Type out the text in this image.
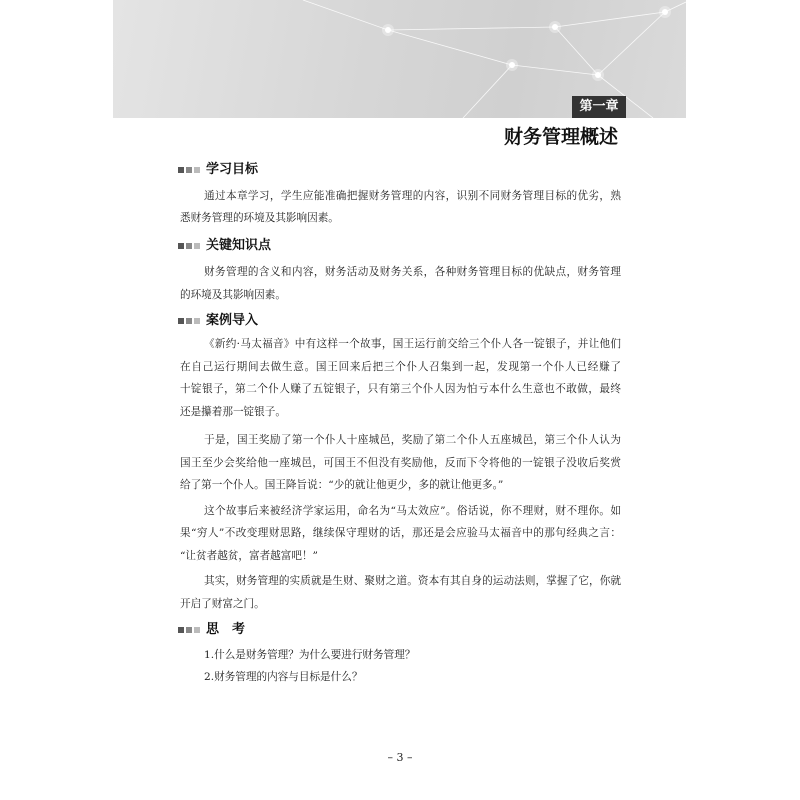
第一章
财务管理概述
学习目标
通过本章学习，学生应能准确把握财务管理的内容，识别不同财务管理目标的优劣，熟
悉财务管理的环境及其影响因素。
关键知识点
财务管理的含义和内容，财务活动及财务关系，各种财务管理目标的优缺点，财务管理
的环境及其影响因素。
案例导入
《新约·马太福音》中有这样一个故事，国王运行前交给三个仆人各一锭银子，并让他们
在自己运行期间去做生意。国王回来后把三个仆人召集到一起，发现第一个仆人已经赚了
十锭银子，第二个仆人赚了五锭银子，只有第三个仆人因为怕亏本什么生意也不敢做，最终
还是攥着那一锭银子。
于是，国王奖励了第一个仆人十座城邑，奖励了第二个仆人五座城邑，第三个仆人认为
国王至少会奖给他一座城邑，可国王不但没有奖励他，反而下令将他的一锭银子没收后奖赏
给了第一个仆人。国王降旨说：“少的就让他更少，多的就让他更多。”
这个故事后来被经济学家运用，命名为“马太效应”。俗话说，你不理财，财不理你。如
果“穷人”不改变理财思路，继续保守理财的话，那还是会应验马太福音中的那句经典之言：
“让贫者越贫，富者越富吧！”
其实，财务管理的实质就是生财、聚财之道。资本有其自身的运动法则，掌握了它，你就
开启了财富之门。
思　考
1.什么是财务管理？为什么要进行财务管理？
2.财务管理的内容与目标是什么？
– 3 –
